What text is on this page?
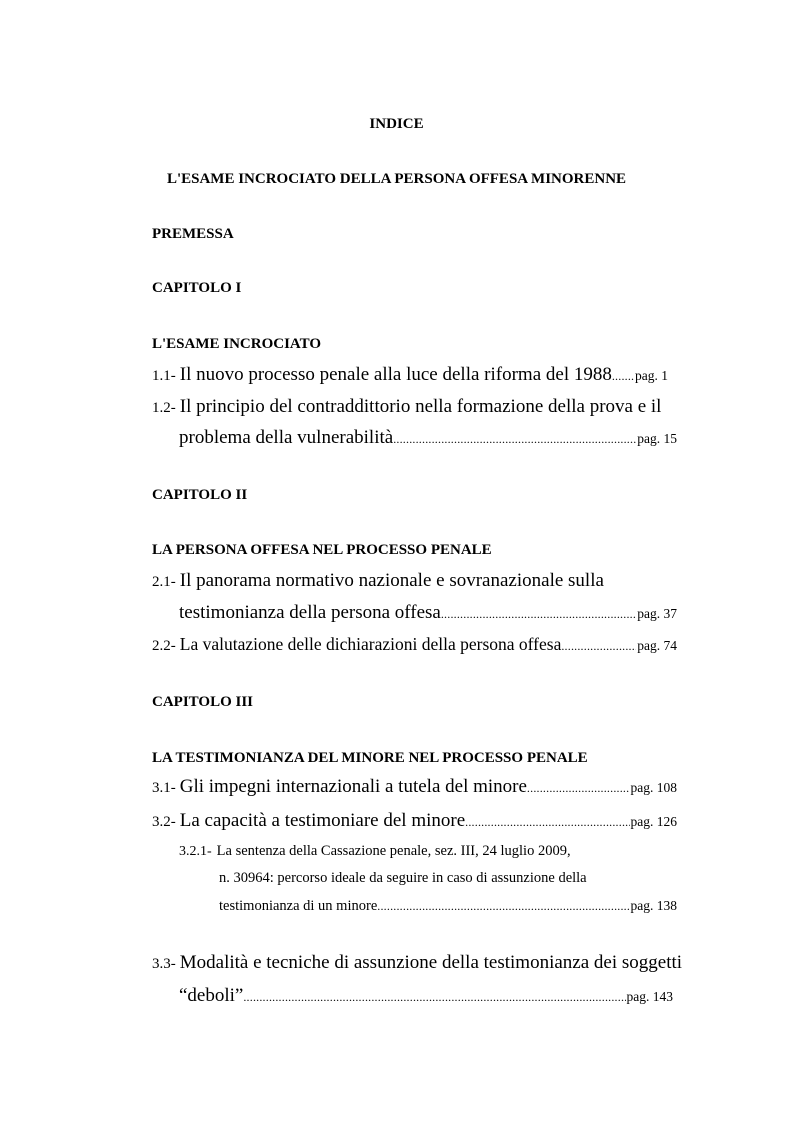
INDICE
L'ESAME INCROCIATO DELLA PERSONA OFFESA MINORENNE
PREMESSA
CAPITOLO I
L'ESAME INCROCIATO
1.1- Il nuovo processo penale alla luce della riforma del 1988 ..... pag. 1
1.2- Il principio del contraddittorio nella formazione della prova e il
problema della vulnerabilità .....	pag. 15
CAPITOLO II
LA PERSONA OFFESA NEL PROCESSO PENALE
2.1- Il panorama normativo nazionale e sovranazionale sulla
testimonianza della persona offesa .....	pag. 37
2.2- La valutazione delle dichiarazioni della persona offesa .....	pag. 74
CAPITOLO III
LA TESTIMONIANZA DEL MINORE NEL PROCESSO PENALE
3.1- Gli impegni internazionali a tutela del minore .....	pag. 108
3.2- La capacità a testimoniare del minore .....	pag. 126
3.2.1- La sentenza della Cassazione penale, sez. III, 24 luglio 2009,
n. 30964: percorso ideale da seguire in caso di assunzione della
testimonianza di un minore .....	pag. 138
3.3- Modalità e tecniche di assunzione della testimonianza dei soggetti
“deboli” .....	pag. 143
